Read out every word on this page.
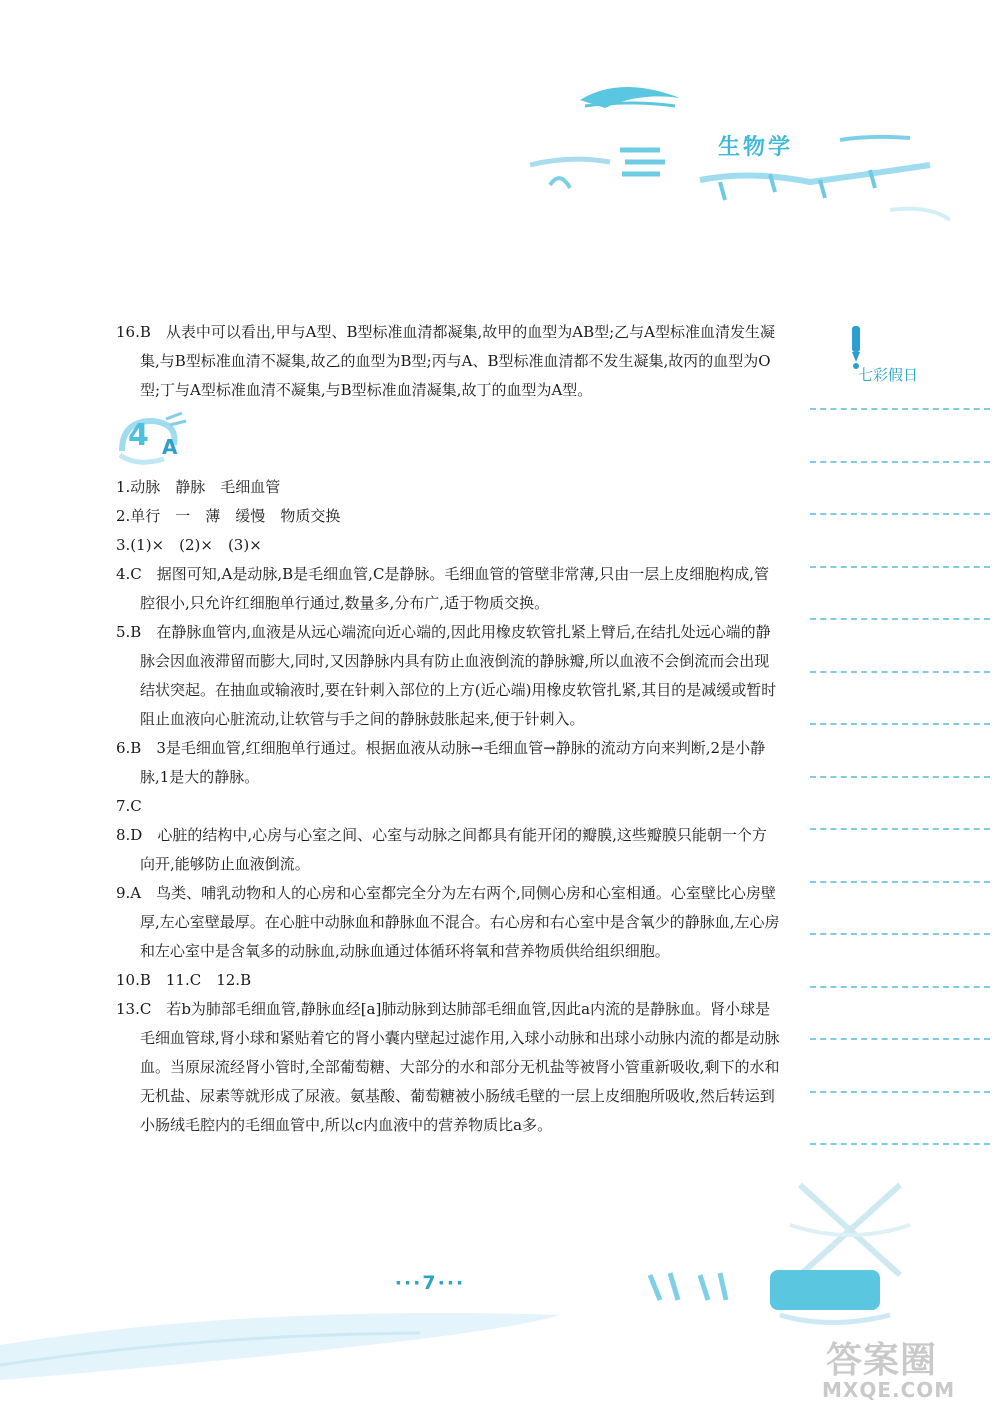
生物学
七彩假日

16.B　从表中可以看出,甲与A型、B型标准血清都凝集,故甲的血型为AB型;乙与A型标准血清发生凝集,与B型标准血清不凝集,故乙的血型为B型;丙与A、B型标准血清都不发生凝集,故丙的血型为O型;丁与A型标准血清不凝集,与B型标准血清凝集,故丁的血型为A型。

4 A

1.动脉　静脉　毛细血管

2.单行　一　薄　缓慢　物质交换

3.(1)×　(2)×　(3)×

4.C　据图可知,A是动脉,B是毛细血管,C是静脉。毛细血管的管壁非常薄,只由一层上皮细胞构成,管腔很小,只允许红细胞单行通过,数量多,分布广,适于物质交换。

5.B　在静脉血管内,血液是从远心端流向近心端的,因此用橡皮软管扎紧上臂后,在结扎处远心端的静脉会因血液滞留而膨大,同时,又因静脉内具有防止血液倒流的静脉瓣,所以血液不会倒流而会出现结状突起。在抽血或输液时,要在针刺入部位的上方(近心端)用橡皮软管扎紧,其目的是减缓或暂时阻止血液向心脏流动,让软管与手之间的静脉鼓胀起来,便于针刺入。

6.B　3是毛细血管,红细胞单行通过。根据血液从动脉→毛细血管→静脉的流动方向来判断,2是小静脉,1是大的静脉。

7.C

8.D　心脏的结构中,心房与心室之间、心室与动脉之间都具有能开闭的瓣膜,这些瓣膜只能朝一个方向开,能够防止血液倒流。

9.A　鸟类、哺乳动物和人的心房和心室都完全分为左右两个,同侧心房和心室相通。心室壁比心房壁厚,左心室壁最厚。在心脏中动脉血和静脉血不混合。右心房和右心室中是含氧少的静脉血,左心房和左心室中是含氧多的动脉血,动脉血通过体循环将氧和营养物质供给组织细胞。

10.B　11.C　12.B

13.C　若b为肺部毛细血管,静脉血经[a]肺动脉到达肺部毛细血管,因此a内流的是静脉血。肾小球是毛细血管球,肾小球和紧贴着它的肾小囊内壁起过滤作用,入球小动脉和出球小动脉内流的都是动脉血。当原尿流经肾小管时,全部葡萄糖、大部分的水和部分无机盐等被肾小管重新吸收,剩下的水和无机盐、尿素等就形成了尿液。氨基酸、葡萄糖被小肠绒毛壁的一层上皮细胞所吸收,然后转运到小肠绒毛腔内的毛细血管中,所以c内血液中的营养物质比a多。

···7···
答案圈
MXQE.COM
